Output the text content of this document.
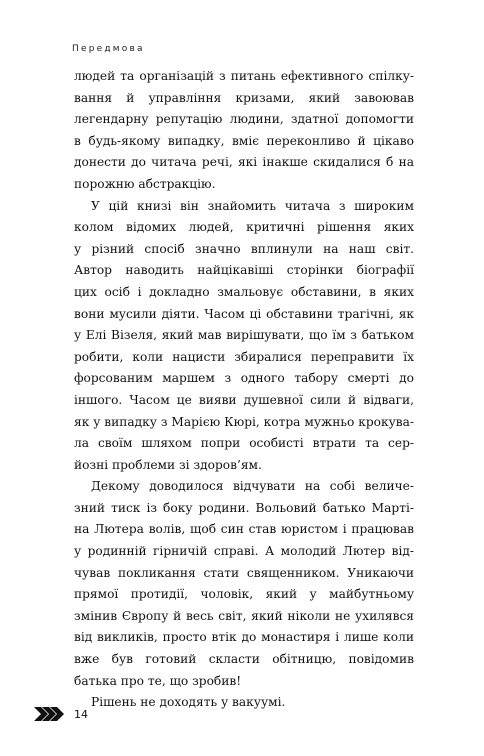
Передмова
людей та організацій з питань ефективного спілку-
вання й управління кризами, який завоював
легендарну репутацію людини, здатної допомогти
в будь-якому випадку, вміє переконливо й цікаво
донести до читача речі, які інакше скидалися б на
порожню абстракцію.
У цій книзі він знайомить читача з широким
колом відомих людей, критичні рішення яких
у різний спосіб значно вплинули на наш світ.
Автор наводить найцікавіші сторінки біографії
цих осіб і докладно змальовує обставини, в яких
вони мусили діяти. Часом ці обставини трагічні, як
у Елі Візеля, який мав вирішувати, що їм з батьком
робити, коли нацисти збиралися переправити їх
форсованим маршем з одного табору смерті до
іншого. Часом це вияви душевної сили й відваги,
як у випадку з Марією Кюрі, котра мужньо крокува-
ла своїм шляхом попри особисті втрати та сер-
йозні проблеми зі здоров’ям.
Декому доводилося відчувати на собі величе-
зний тиск із боку родини. Вольовий батько Марті-
на Лютера волів, щоб син став юристом і працював
у родинній гірничій справі. А молодий Лютер від-
чував покликання стати священником. Уникаючи
прямої протидії, чоловік, який у майбутньому
змінив Європу й весь світ, який ніколи не ухилявся
від викликів, просто втік до монастиря і лише коли
вже був готовий скласти обітницю, повідомив
батька про те, що зробив!
Рішень не доходять у вакуумі.
14
